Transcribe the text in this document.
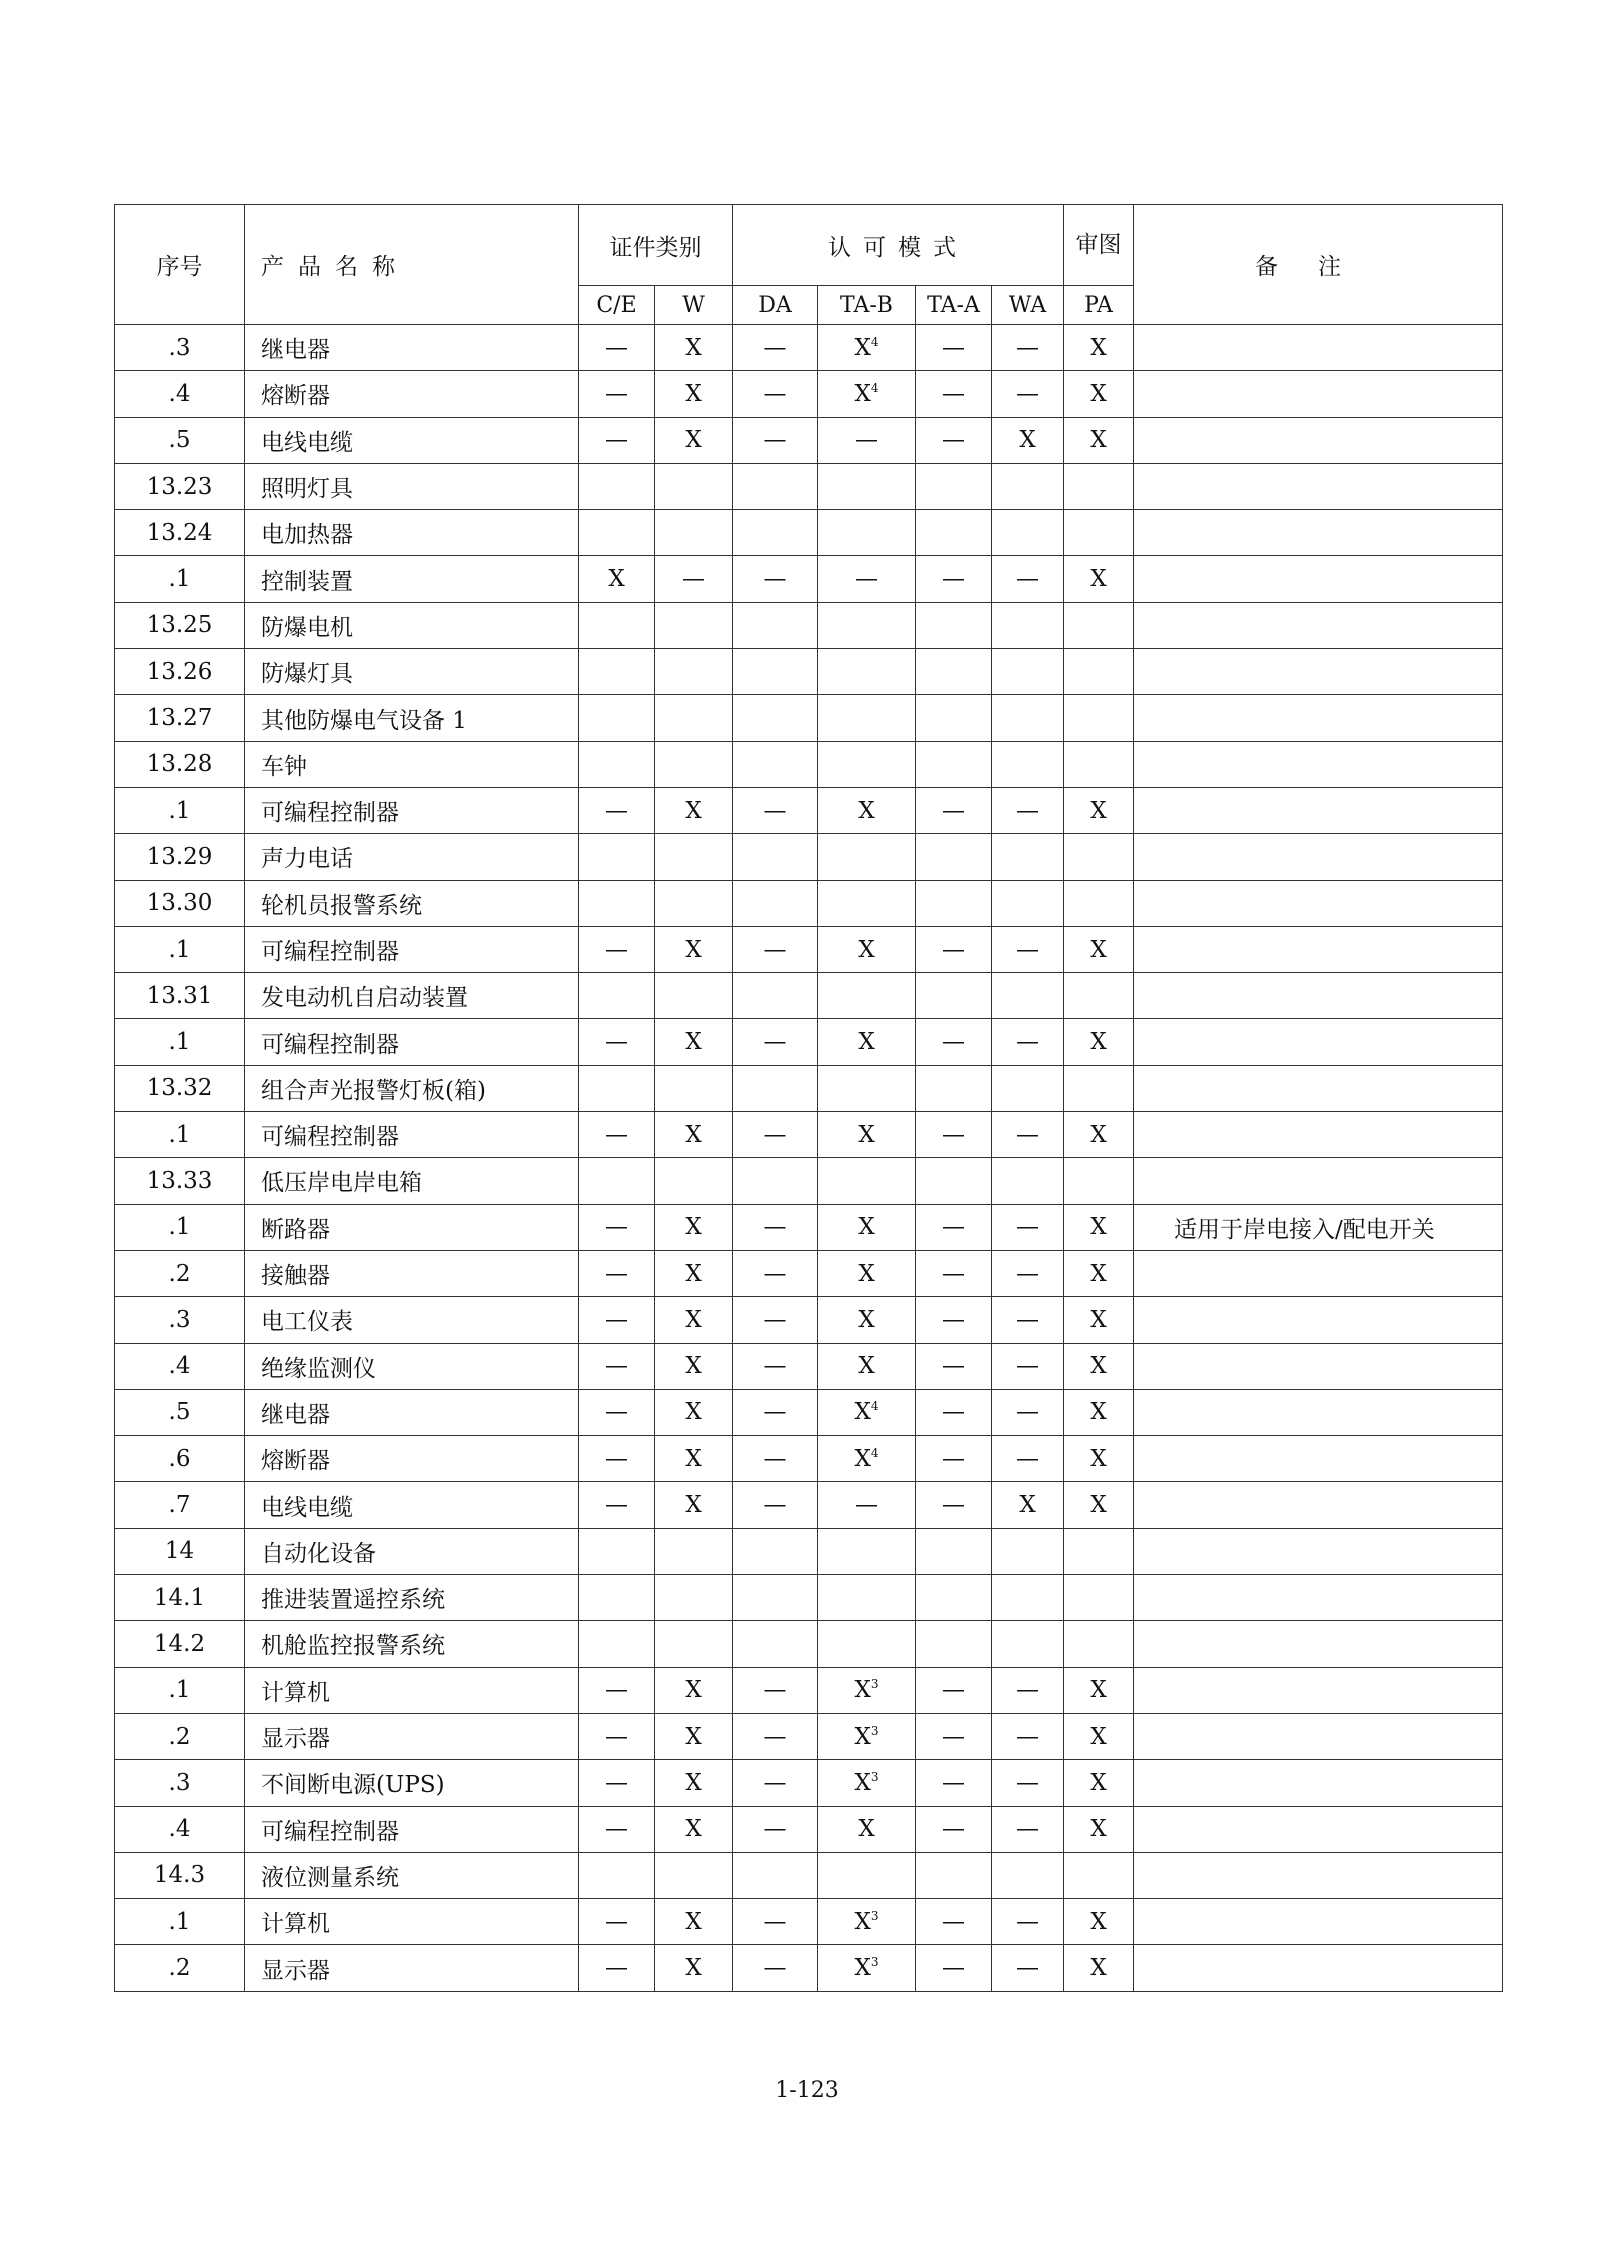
序号	产品名称	证件类别		认可模式				审图	备注
		C/E	W	DA	TA-B	TA-A	WA	PA	
.3	继电器	—	X	—	$X^4$	—	—	X	
.4	熔断器	—	X	—	$X^4$	—	—	X	
.5	电线电缆	—	X	—	—	—	X	X	
13.23	照明灯具								
13.24	电加热器								
.1	控制装置	X	—	—	—	—	—	X	
13.25	防爆电机								
13.26	防爆灯具								
13.27	其他防爆电气设备 1								
13.28	车钟								
.1	可编程控制器	—	X	—	X	—	—	X	
13.29	声力电话								
13.30	轮机员报警系统								
.1	可编程控制器	—	X	—	X	—	—	X	
13.31	发电动机自启动装置								
.1	可编程控制器	—	X	—	X	—	—	X	
13.32	组合声光报警灯板(箱)								
.1	可编程控制器	—	X	—	X	—	—	X	
13.33	低压岸电岸电箱								
.1	断路器	—	X	—	X	—	—	X	适用于岸电接入/配电开关
.2	接触器	—	X	—	X	—	—	X	
.3	电工仪表	—	X	—	X	—	—	X	
.4	绝缘监测仪	—	X	—	X	—	—	X	
.5	继电器	—	X	—	$X^4$	—	—	X	
.6	熔断器	—	X	—	$X^4$	—	—	X	
.7	电线电缆	—	X	—	—	—	X	X	
14	自动化设备								
14.1	推进装置遥控系统								
14.2	机舱监控报警系统								
.1	计算机	—	X	—	$X^3$	—	—	X	
.2	显示器	—	X	—	$X^3$	—	—	X	
.3	不间断电源(UPS)	—	X	—	$X^3$	—	—	X	
.4	可编程控制器	—	X	—	X	—	—	X	
14.3	液位测量系统								
.1	计算机	—	X	—	$X^3$	—	—	X	
.2	显示器	—	X	—	$X^3$	—	—	X	
1-123
